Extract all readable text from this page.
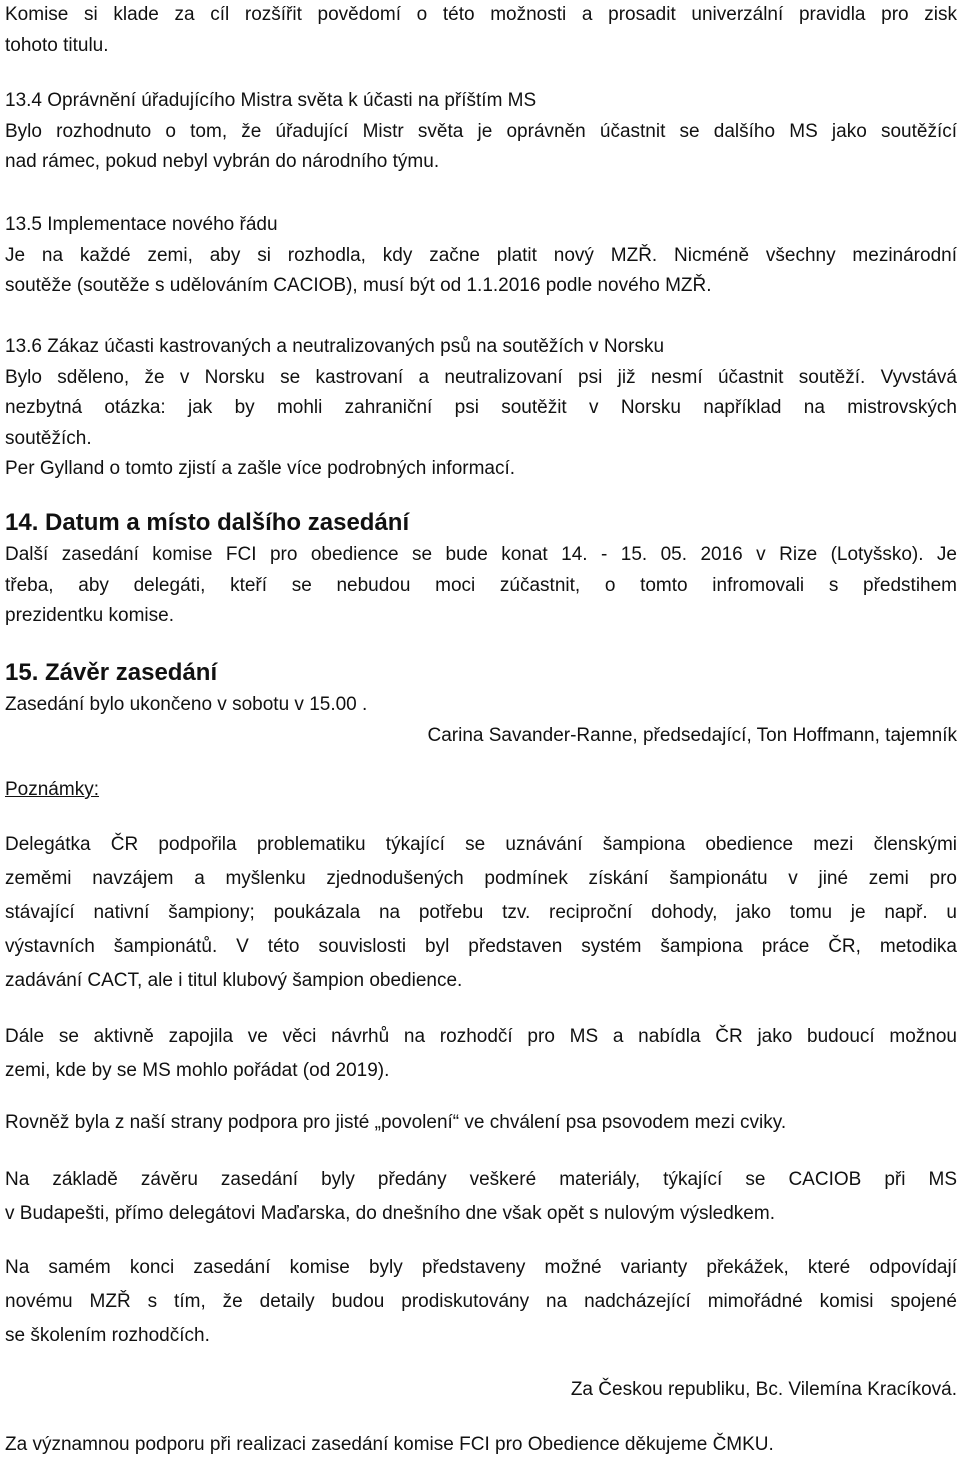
Komise si klade za cíl rozšířit povědomí o této možnosti a prosadit univerzální pravidla pro zisk

tohoto titulu.

13.4 Oprávnění úřadujícího Mistra světa k účasti na příštím MS

Bylo rozhodnuto o tom, že úřadující Mistr světa je oprávněn účastnit se dalšího MS jako soutěžící

nad rámec, pokud nebyl vybrán do národního týmu.

13.5 Implementace nového řádu

Je na každé zemi, aby si rozhodla, kdy začne platit nový MZŘ. Nicméně všechny mezinárodní

soutěže (soutěže s udělováním CACIOB), musí být od 1.1.2016 podle nového MZŘ.

13.6 Zákaz účasti kastrovaných a neutralizovaných psů na soutěžích v Norsku

Bylo sděleno, že v Norsku se kastrovaní a neutralizovaní psi již nesmí účastnit soutěží. Vyvstává

nezbytná otázka: jak by mohli zahraniční psi soutěžit v Norsku například na mistrovských

soutěžích.

Per Gylland o tomto zjistí a zašle více podrobných informací.

14. Datum a místo dalšího zasedání

Další zasedání komise FCI pro obedience se bude konat 14. - 15. 05. 2016 v Rize (Lotyšsko). Je

třeba, aby delegáti, kteří se nebudou moci zúčastnit, o tomto infromovali s předstihem

prezidentku komise.

15. Závěr zasedání

Zasedání bylo ukončeno v sobotu v 15.00 .

Carina Savander-Ranne, předsedající, Ton Hoffmann, tajemník

Poznámky:

Delegátka ČR podpořila problematiku týkající se uznávání šampiona obedience mezi členskými

zeměmi navzájem a myšlenku zjednodušených podmínek získání šampionátu v jiné zemi pro

stávající nativní šampiony; poukázala na potřebu tzv. reciproční dohody, jako tomu je např. u

výstavních šampionátů. V této souvislosti byl představen systém šampiona práce ČR, metodika

zadávání CACT, ale i titul klubový šampion obedience.

Dále se aktivně zapojila ve věci návrhů na rozhodčí pro MS a nabídla ČR jako budoucí možnou

zemi, kde by se MS mohlo pořádat (od 2019).

Rovněž byla z naší strany podpora pro jisté „povolení“ ve chválení psa psovodem mezi cviky.

Na základě závěru zasedání byly předány veškeré materiály, týkající se CACIOB při MS

v Budapešti, přímo delegátovi Maďarska, do dnešního dne však opět s nulovým výsledkem.

Na samém konci zasedání komise byly představeny možné varianty překážek, které odpovídají

novému MZŘ s tím, že detaily budou prodiskutovány na nadcházející mimořádné komisi spojené

se školením rozhodčích.

Za Českou republiku, Bc. Vilemína Kracíková.

Za významnou podporu při realizaci zasedání komise FCI pro Obedience děkujeme ČMKU.
